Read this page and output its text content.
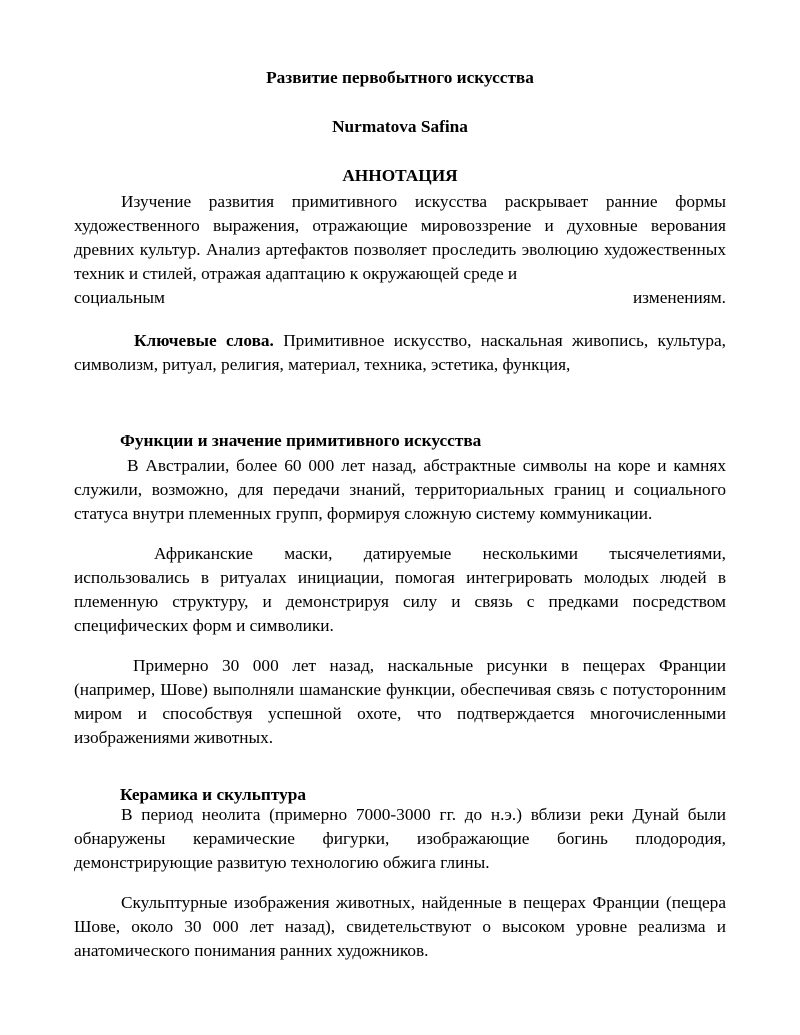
Развитие первобытного искусства
Nurmatova Safina
АННОТАЦИЯ
Изучение развития примитивного искусства раскрывает ранние формы художественного выражения, отражающие мировоззрение и духовные верования древних культур. Анализ артефактов позволяет проследить эволюцию художественных техник и стилей, отражая адаптацию к окружающей среде и
социальным	изменениям.
Ключевые слова. Примитивное искусство, наскальная живопись, культура, символизм, ритуал, религия, материал, техника, эстетика, функция,
Функции и значение примитивного искусства
В Австралии, более 60 000 лет назад, абстрактные символы на коре и камнях служили, возможно, для передачи знаний, территориальных границ и социального статуса внутри племенных групп, формируя сложную систему коммуникации.
Африканские маски, датируемые несколькими тысячелетиями, использовались в ритуалах инициации, помогая интегрировать молодых людей в племенную структуру, и демонстрируя силу и связь с предками посредством специфических форм и символики.
Примерно 30 000 лет назад, наскальные рисунки в пещерах Франции (например, Шове) выполняли шаманские функции, обеспечивая связь с потусторонним миром и способствуя успешной охоте, что подтверждается многочисленными изображениями животных.
Керамика и скульптура
В период неолита (примерно 7000-3000 гг. до н.э.) вблизи реки Дунай были обнаружены керамические фигурки, изображающие богинь плодородия, демонстрирующие развитую технологию обжига глины.
Скульптурные изображения животных, найденные в пещерах Франции (пещера Шове, около 30 000 лет назад), свидетельствуют о высоком уровне реализма и анатомического понимания ранних художников.
